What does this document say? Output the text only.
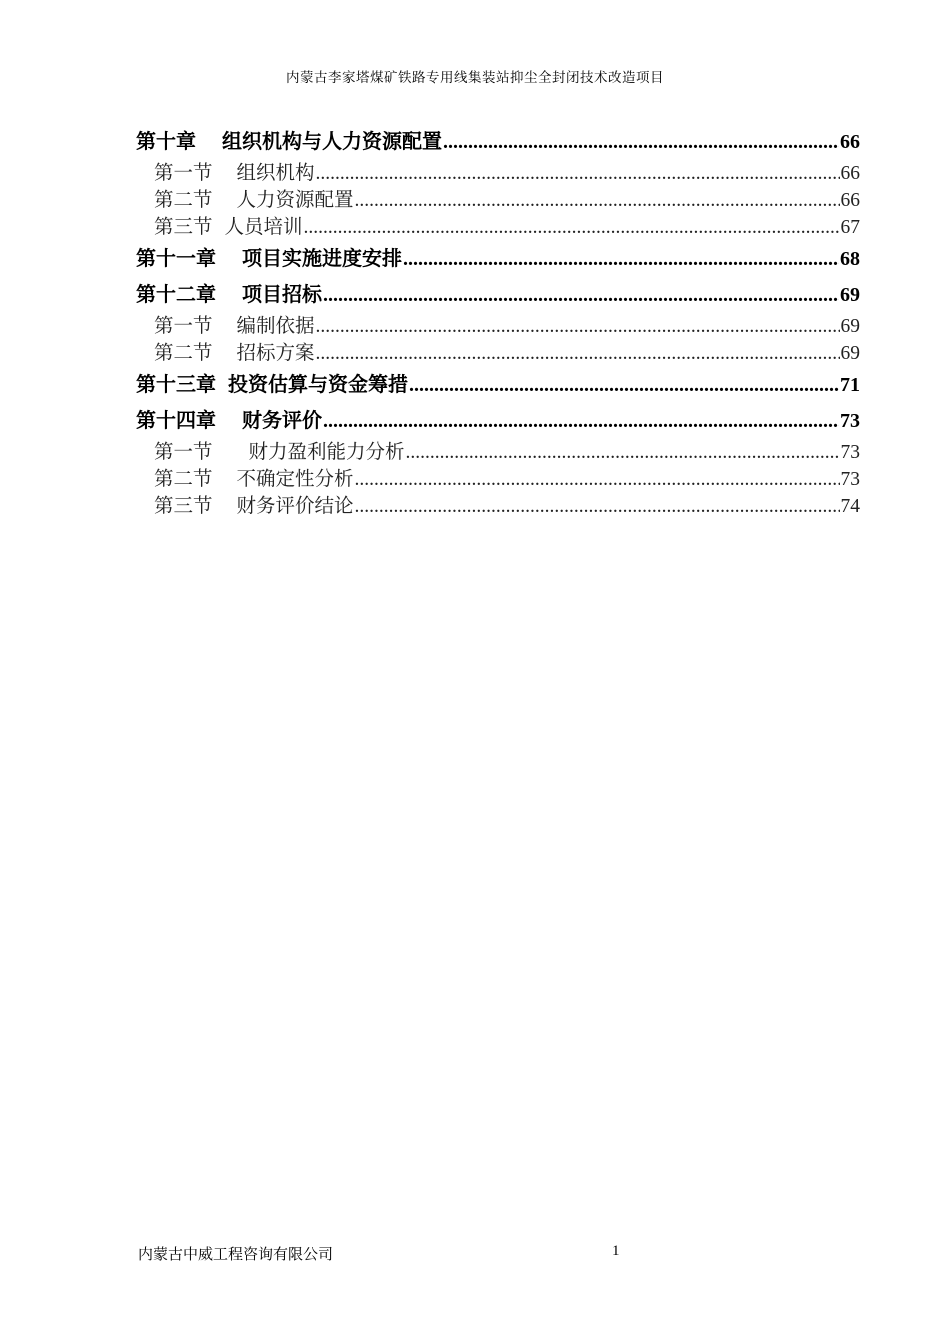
内蒙古李家塔煤矿铁路专用线集装站抑尘全封闭技术改造项目
第十章 组织机构与人力资源配置 .....	66
第一节 组织机构 .....	66
第二节 人力资源配置 .....	66
第三节 人员培训 .....	67
第十一章 项目实施进度安排 .....	68
第十二章 项目招标 .....	69
第一节 编制依据 .....	69
第二节 招标方案 .....	69
第十三章 投资估算与资金筹措 .....	71
第十四章 财务评价 .....	73
第一节 财力盈利能力分析 .....	73
第二节 不确定性分析 .....	73
第三节 财务评价结论 .....	74
内蒙古中威工程咨询有限公司	1
